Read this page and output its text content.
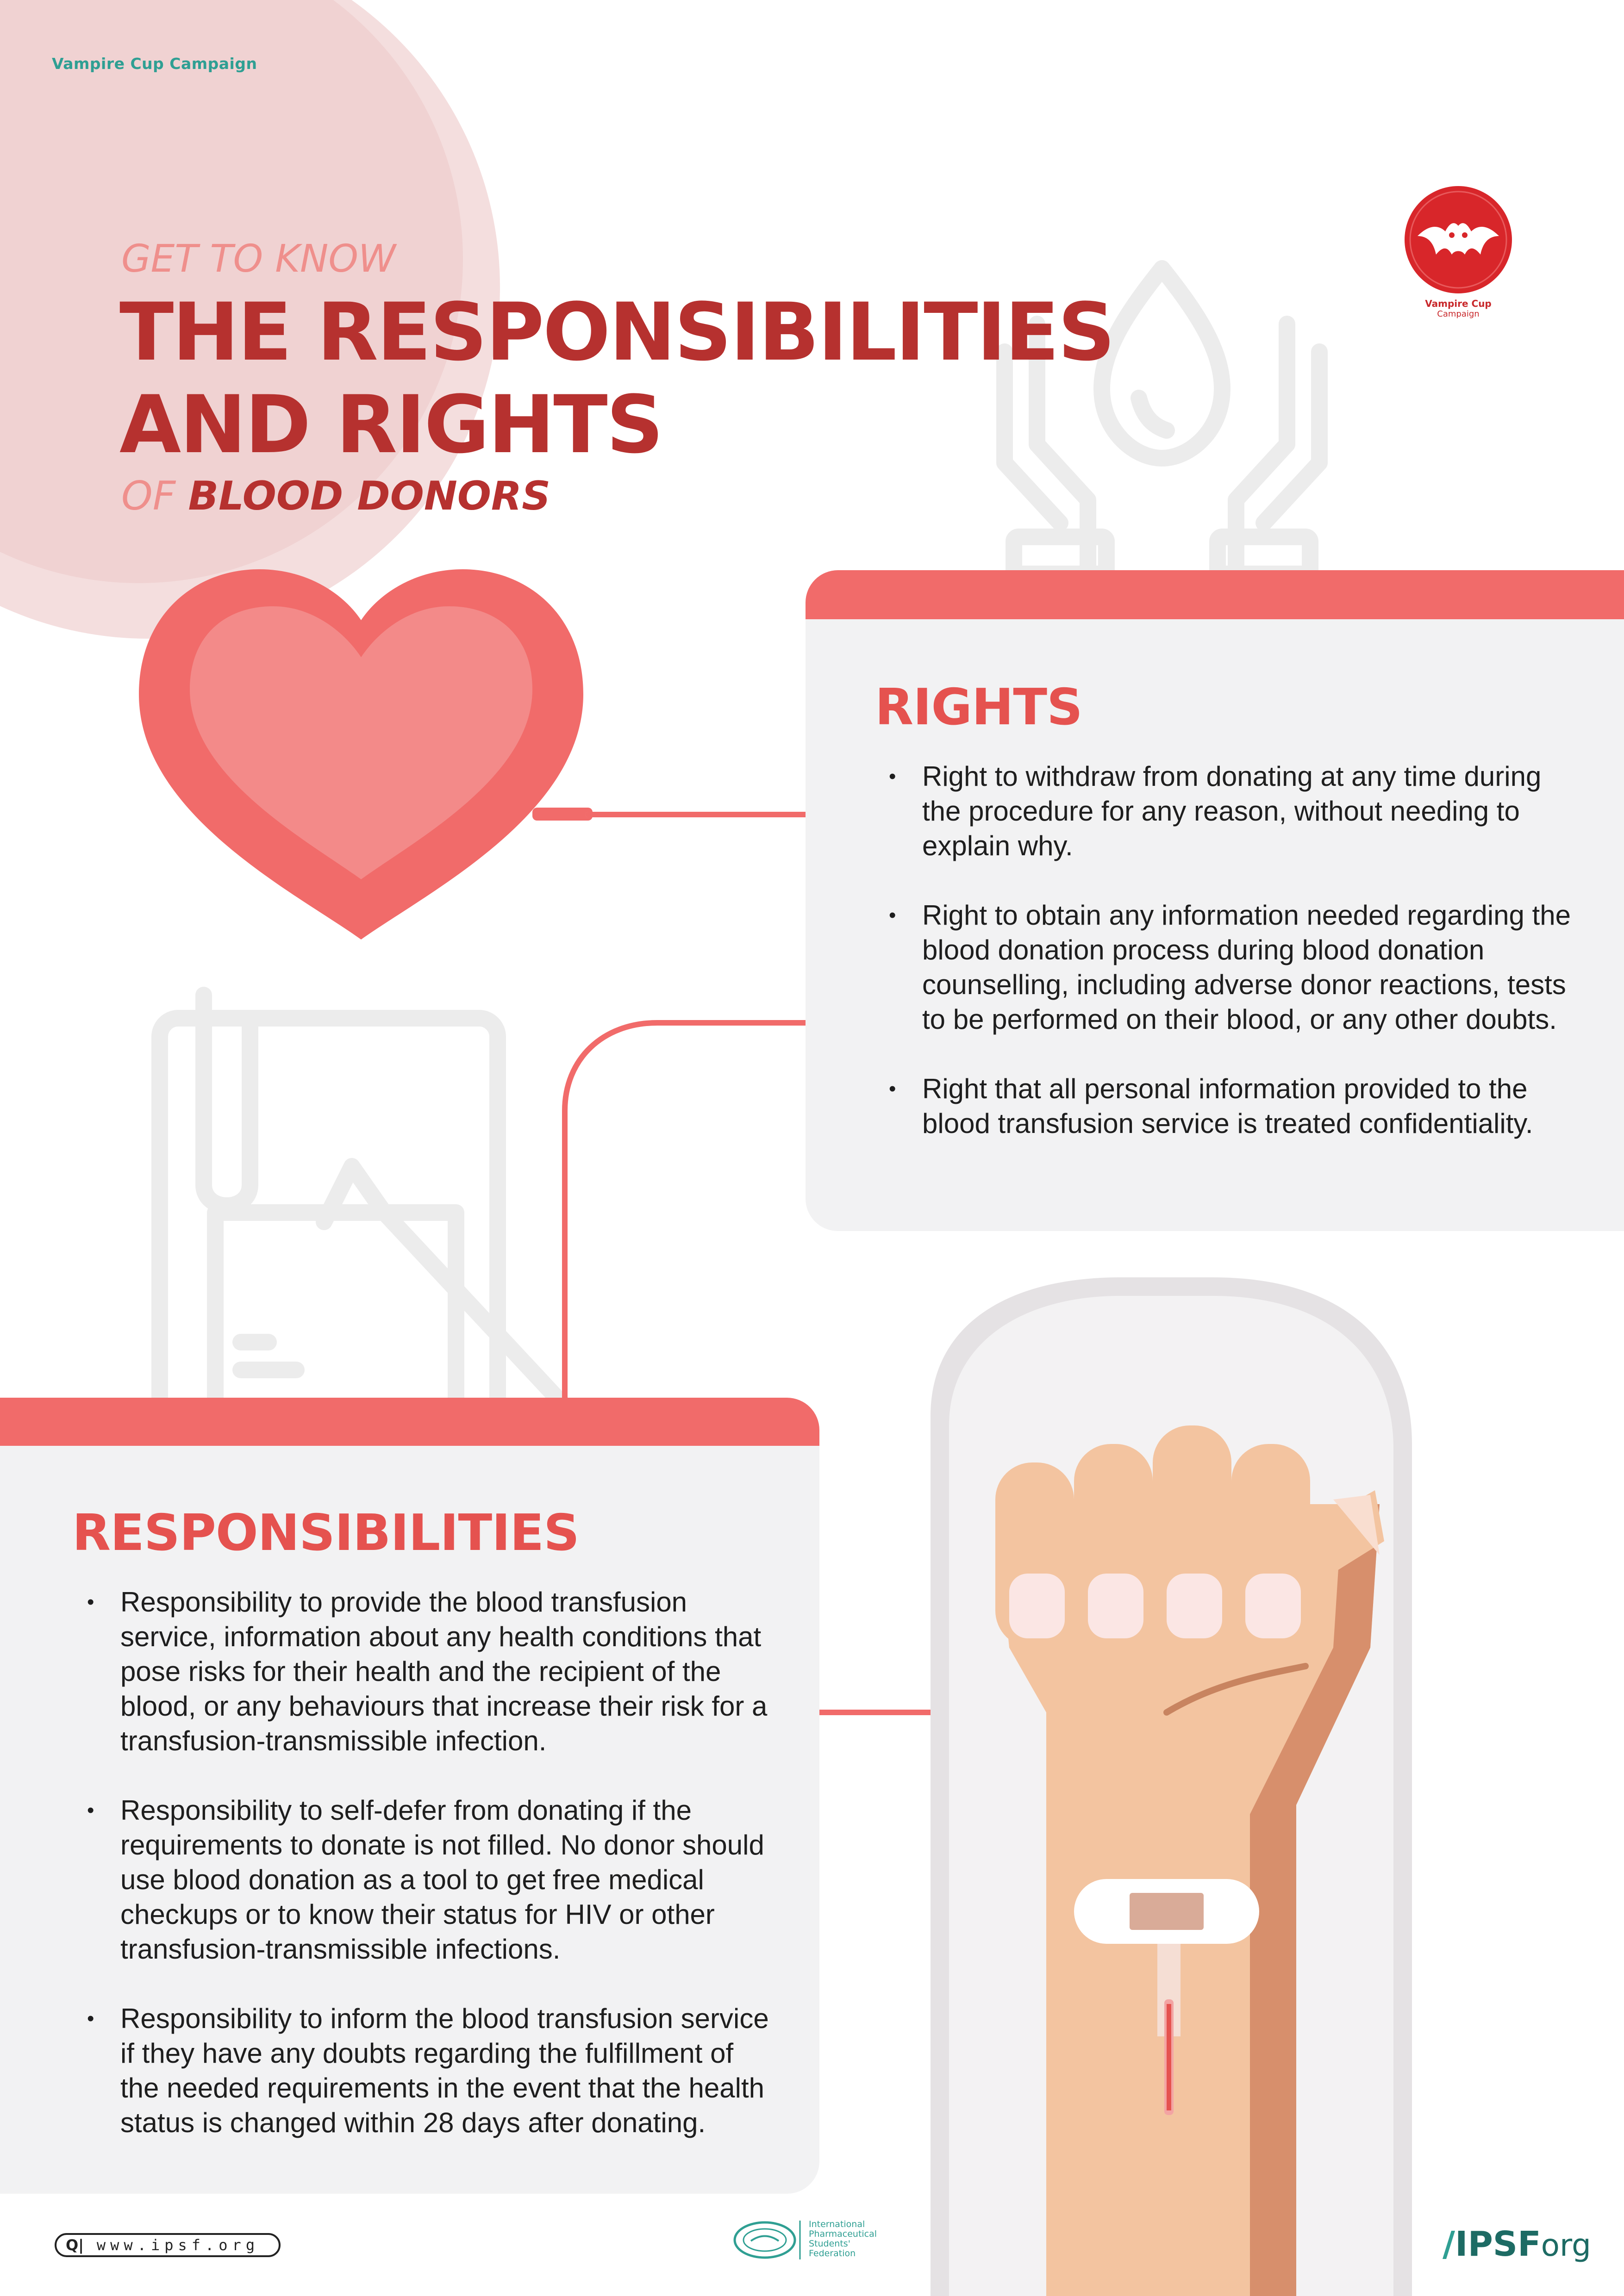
Vampire Cup Campaign
GET TO KNOW
THE RESPONSIBILITIES
AND RIGHTS
OF BLOOD DONORS
Vampire Cup
Campaign
RIGHTS
• Right to withdraw from donating at any time during the procedure for any reason, without needing to explain why.
• Right to obtain any information needed regarding the blood donation process during blood donation counselling, including adverse donor reactions, tests to be performed on their blood, or any other doubts.
• Right that all personal information provided to the blood transfusion service is treated confidentiality.
RESPONSIBILITIES
• Responsibility to provide the blood transfusion service, information about any health conditions that pose risks for their health and the recipient of the blood, or any behaviours that increase their risk for a transfusion-transmissible infection.
• Responsibility to self-defer from donating if the requirements to donate is not filled. No donor should use blood donation as a tool to get free medical checkups or to know their status for HIV or other transfusion-transmissible infections.
• Responsibility to inform the blood transfusion service if they have any doubts regarding the fulfillment of the needed requirements in the event that the health status is changed within 28 days after donating.
Q| www.ipsf.org
International
Pharmaceutical
Students' Federation	/IPSForg
